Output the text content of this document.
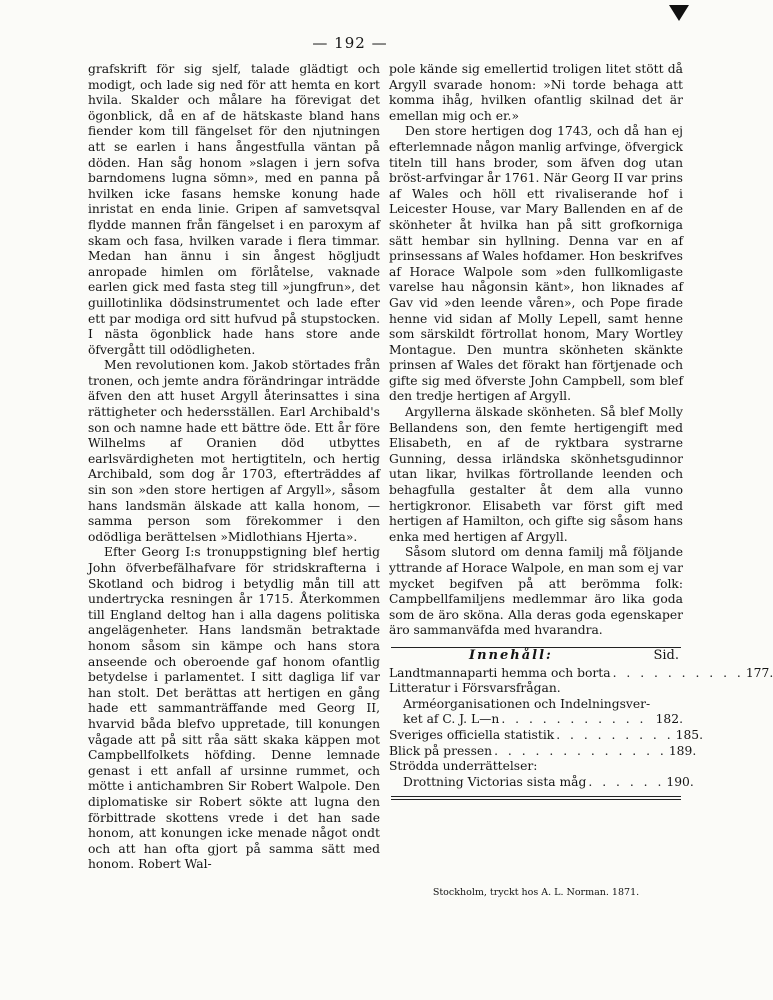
— 192 —

grafskrift för sig sjelf, talade glädtigt och modigt, och lade sig ned för att hemta en kort hvila. Skalder och målare ha förevigat det ögonblick, då en af de hätskaste bland hans fiender kom till fängelset för den njutningen att se earlen i hans ångestfulla väntan på döden. Han såg honom »slagen i jern sofva barndomens lugna sömn», med en panna på hvilken icke fasans hemske konung hade inristat en enda linie. Gripen af samvetsqval flydde mannen från fängelset i en paroxym af skam och fasa, hvilken varade i flera timmar. Medan han ännu i sin ångest högljudt anropade himlen om förlåtelse, vaknade earlen gick med fasta steg till »jungfrun», det guillotinlika dödsinstrumentet och lade efter ett par modiga ord sitt hufvud på stupstocken. I nästa ögonblick hade hans store ande öfvergått till odödligheten.

Men revolutionen kom. Jakob störtades från tronen, och jemte andra förändringar inträdde äfven den att huset Argyll återinsattes i sina rättigheter och hedersställen. Earl Archibald's son och namne hade ett bättre öde. Ett år före Wilhelms af Oranien död utbyttes earlsvärdigheten mot hertigtiteln, och hertig Archibald, som dog år 1703, efterträddes af sin son »den store hertigen af Argyll», såsom hans landsmän älskade att kalla honom, — samma person som förekommer i den odödliga berättelsen »Midlothians Hjerta».

Efter Georg I:s tronuppstigning blef hertig John öfverbefälhafvare för stridskrafterna i Skotland och bidrog i betydlig mån till att undertrycka resningen år 1715. Återkommen till England deltog han i alla dagens politiska angelägenheter. Hans landsmän betraktade honom såsom sin kämpe och hans stora anseende och oberoende gaf honom ofantlig betydelse i parlamentet. I sitt dagliga lif var han stolt. Det berättas att hertigen en gång hade ett sammanträffande med Georg II, hvarvid båda blefvo uppretade, till konungen vågade att på sitt råa sätt skaka käppen mot Campbellfolkets höfding. Denne lemnade genast i ett anfall af ursinne rummet, och mötte i antichambren Sir Robert Walpole. Den diplomatiske sir Robert sökte att lugna den förbittrade skottens vrede i det han sade honom, att konungen icke menade något ondt och att han ofta gjort på samma sätt med honom. Robert Wal-

pole kände sig emellertid troligen litet stött då Argyll svarade honom: »Ni torde behaga att komma ihåg, hvilken ofantlig skilnad det är emellan mig och er.»

Den store hertigen dog 1743, och då han ej efterlemnade någon manlig arfvinge, öfvergick titeln till hans broder, som äfven dog utan bröst-arfvingar år 1761. När Georg II var prins af Wales och höll ett rivaliserande hof i Leicester House, var Mary Ballenden en af de skönheter åt hvilka han på sitt grofkorniga sätt hembar sin hyllning. Denna var en af prinsessans af Wales hofdamer. Hon beskrifves af Horace Walpole som »den fullkomligaste varelse hau någonsin känt», hon liknades af Gav vid »den leende våren», och Pope firade henne vid sidan af Molly Lepell, samt henne som särskildt förtrollat honom, Mary Wortley Montague. Den muntra skönheten skänkte prinsen af Wales det förakt han förtjenade och gifte sig med öfverste John Campbell, som blef den tredje hertigen af Argyll.

Argyllerna älskade skönheten. Så blef Molly Bellandens son, den femte hertigengift med Elisabeth, en af de ryktbara systrarne Gunning, dessa irländska skönhetsgudinnor utan likar, hvilkas förtrollande leenden och behagfulla gestalter åt dem alla vunno hertigkronor. Elisabeth var först gift med hertigen af Hamilton, och gifte sig såsom hans enka med hertigen af Argyll.

Såsom slutord om denna familj må följande yttrande af Horace Walpole, en man som ej var mycket begifven på att berömma folk: Campbellfamiljens medlemmar äro lika goda som de äro sköna. Alla deras goda egenskaper äro sammanväfda med hvarandra.

Innehåll:	Sid.
Landtmannaparti hemma och borta . . . . . . . . . . 177.
Litteratur i Försvarsfrågan.
Arméorganisationen och Indelningsver-
ket af C. J. L—n . . . . . . . . . . . 182.
Sveriges officiella statistik . . . . . . . . . 185.
Blick på pressen . . . . . . . . . . . . . 189.
Strödda underrättelser:
Drottning Victorias sista måg . . . . . . 190.
Stockholm, tryckt hos A. L. Norman. 1871.
